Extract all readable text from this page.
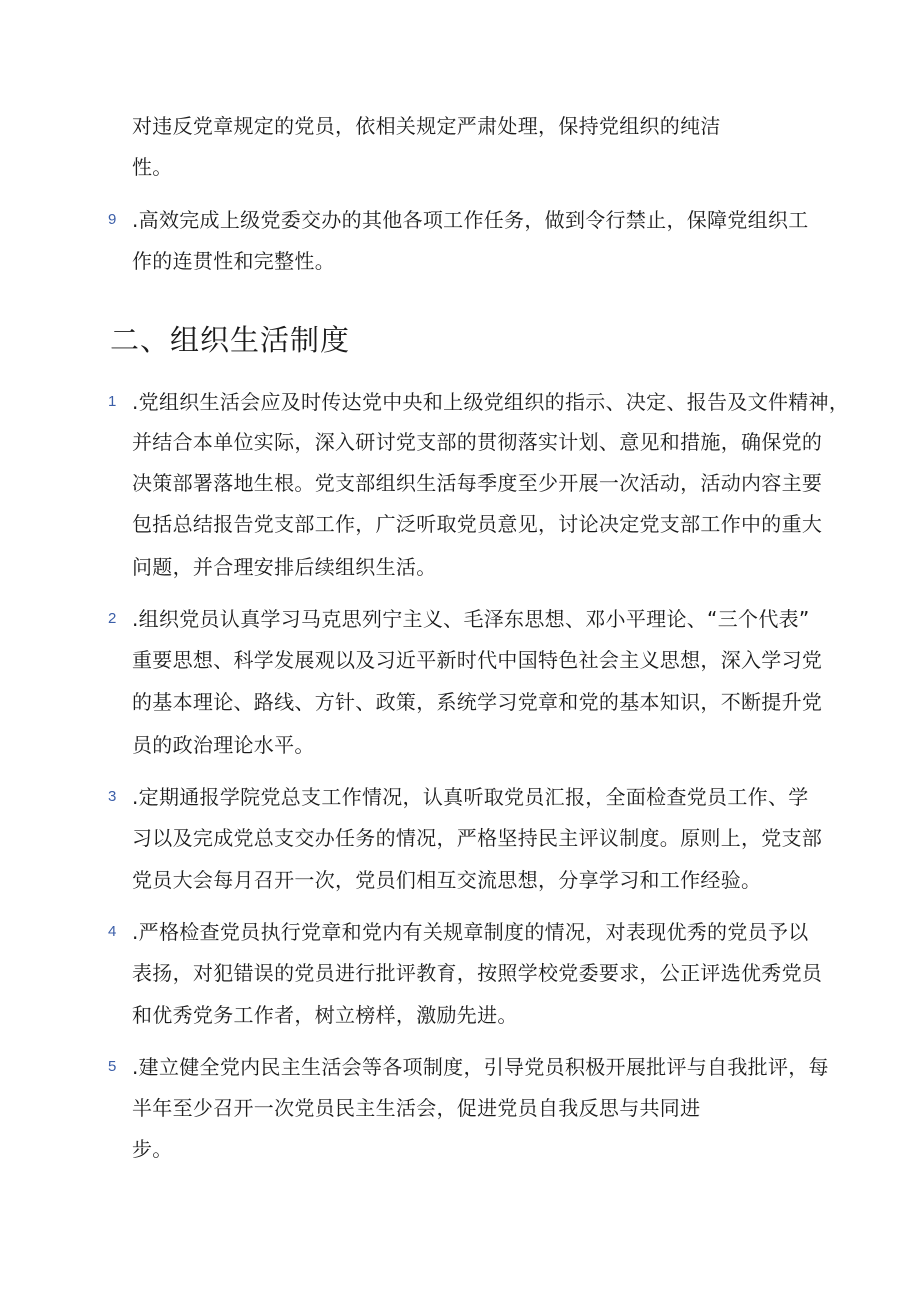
对违反党章规定的党员，依相关规定严肃处理，保持党组织的纯洁
性。
9 .高效完成上级党委交办的其他各项工作任务，做到令行禁止，保障党组织工
作的连贯性和完整性。
二、组织生活制度
1 .党组织生活会应及时传达党中央和上级党组织的指示、决定、报告及文件精神，
并结合本单位实际，深入研讨党支部的贯彻落实计划、意见和措施，确保党的
决策部署落地生根。党支部组织生活每季度至少开展一次活动，活动内容主要
包括总结报告党支部工作，广泛听取党员意见，讨论决定党支部工作中的重大
问题，并合理安排后续组织生活。
2 .组织党员认真学习马克思列宁主义、毛泽东思想、邓小平理论、“三个代表”
重要思想、科学发展观以及习近平新时代中国特色社会主义思想，深入学习党
的基本理论、路线、方针、政策，系统学习党章和党的基本知识，不断提升党
员的政治理论水平。
3 .定期通报学院党总支工作情况，认真听取党员汇报，全面检查党员工作、学
习以及完成党总支交办任务的情况，严格坚持民主评议制度。原则上，党支部
党员大会每月召开一次，党员们相互交流思想，分享学习和工作经验。
4 .严格检查党员执行党章和党内有关规章制度的情况，对表现优秀的党员予以
表扬，对犯错误的党员进行批评教育，按照学校党委要求，公正评选优秀党员
和优秀党务工作者，树立榜样，激励先进。
5 .建立健全党内民主生活会等各项制度，引导党员积极开展批评与自我批评，每
半年至少召开一次党员民主生活会，促进党员自我反思与共同进
步。
